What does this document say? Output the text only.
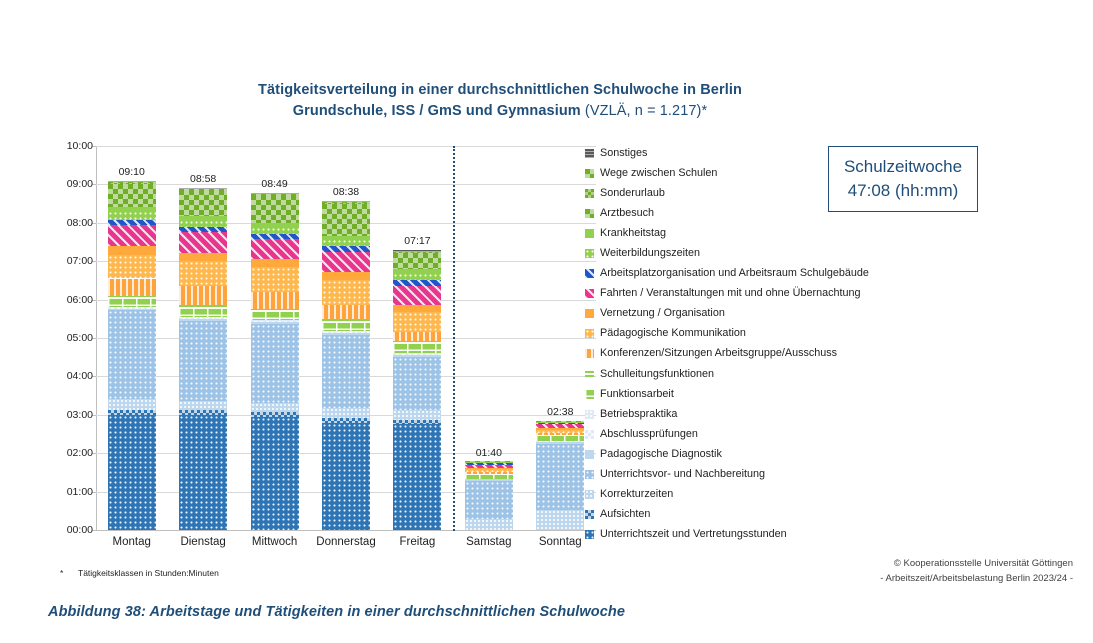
Tätigkeitsverteilung in einer durchschnittlichen Schulwoche in Berlin
Grundschule, ISS / GmS und Gymnasium (VZLÄ, n = 1.217)*
00:00
01:00
02:00
03:00
04:00
05:00
06:00
07:00
08:00
09:00
10:00
09:10
Montag
08:58
Dienstag
08:49
Mittwoch
08:38
Donnerstag
07:17
Freitag
01:40
Samstag
02:38
Sonntag
* Tätigkeitsklassen in Stunden:Minuten
Sonstiges
Wege zwischen Schulen
Sonderurlaub
Arztbesuch
Krankheitstag
Weiterbildungszeiten
Arbeitsplatzorganisation und Arbeitsraum Schulgebäude
Fahrten / Veranstaltungen mit und ohne Übernachtung
Vernetzung / Organisation
Pädagogische Kommunikation
Konferenzen/Sitzungen Arbeitsgruppe/Ausschuss
Schulleitungsfunktionen
Funktionsarbeit
Betriebspraktika
Abschlussprüfungen
Padagogische Diagnostik
Unterrichtsvor- und Nachbereitung
Korrekturzeiten
Aufsichten
Unterrichtszeit und Vertretungsstunden
Schulzeitwoche
47:08 (hh:mm)
© Kooperationsstelle Universität Göttingen
- Arbeitszeit/Arbeitsbelastung Berlin 2023/24 -
Abbildung 38: Arbeitstage und Tätigkeiten in einer durchschnittlichen Schulwoche
